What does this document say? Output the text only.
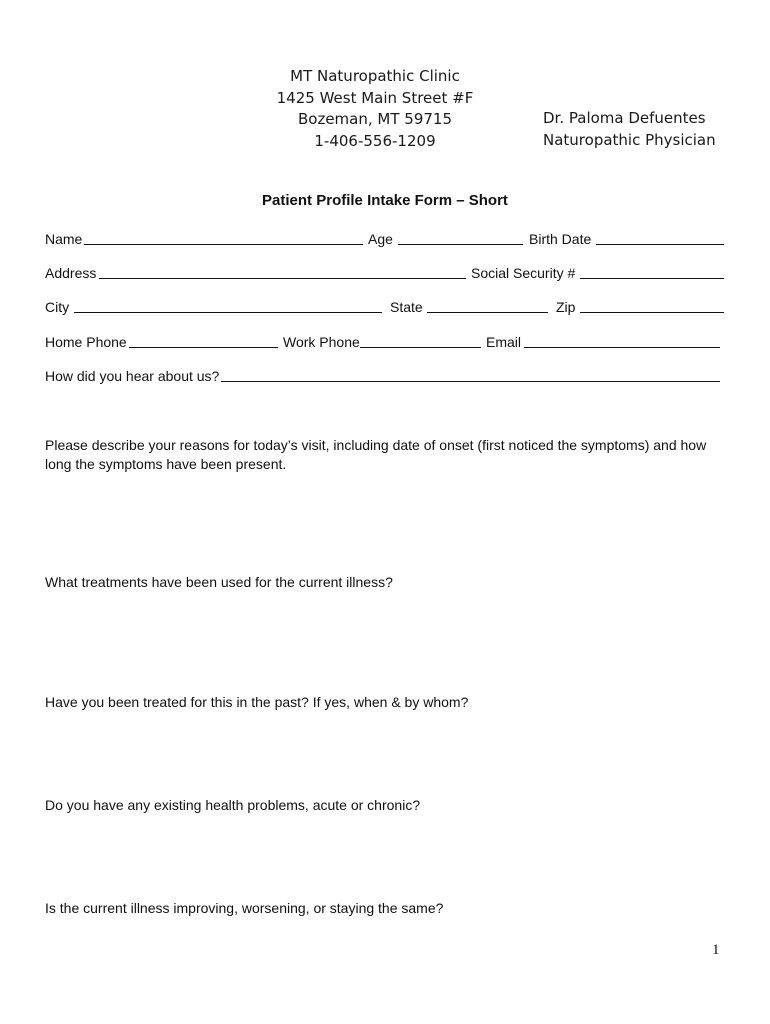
MT Naturopathic Clinic
1425 West Main Street #F
Bozeman, MT 59715
1-406-556-1209
Dr. Paloma Defuentes
Naturopathic Physician
Patient Profile Intake Form – Short
Name	Age	Birth Date
Address	Social Security #
City	State	Zip
Home Phone	Work Phone	Email
How did you hear about us?
Please describe your reasons for today’s visit, including date of onset (first noticed the symptoms) and how long the symptoms have been present.
What treatments have been used for the current illness?
Have you been treated for this in the past? If yes, when & by whom?
Do you have any existing health problems, acute or chronic?
Is the current illness improving, worsening, or staying the same?
1
